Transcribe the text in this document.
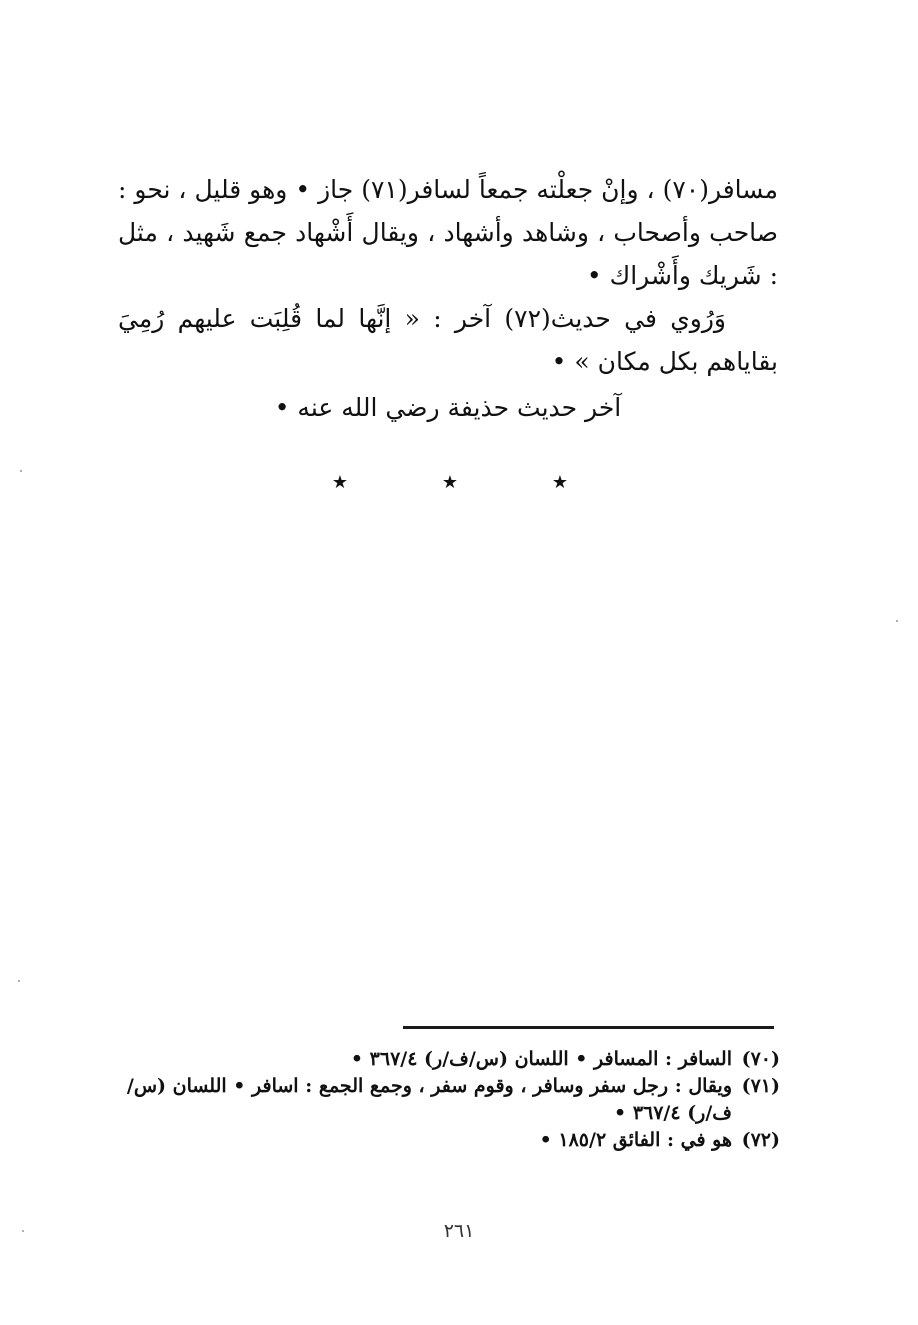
مسافر(٧٠) ، وإنْ جعلْته جمعاً لسافر(٧١) جاز • وهو قليل ، نحو : صاحب وأصحاب ، وشاهد وأشهاد ، ويقال أَشْهاد جمع شَهيد ، مثل : شَريك وأَشْراك •

وَرُوي في حديث(٧٢) آخر : « إنَّها لما قُلِبَت عليهم رُمِيَ بقاياهم بكل مكان » •

آخر حديث حذيفة رضي الله عنه •
★	★	★
(٧٠)
السافر : المسافر • اللسان (س/ف/ر) ٣٦٧/٤ •
(٧١)
ويقال : رجل سفر وسافر ، وقوم سفر ، وجمع الجمع : اسافر • اللسان (س/ف/ر) ٣٦٧/٤ •
(٧٢)
هو في : الفائق ١٨٥/٢ •
٢٦١
